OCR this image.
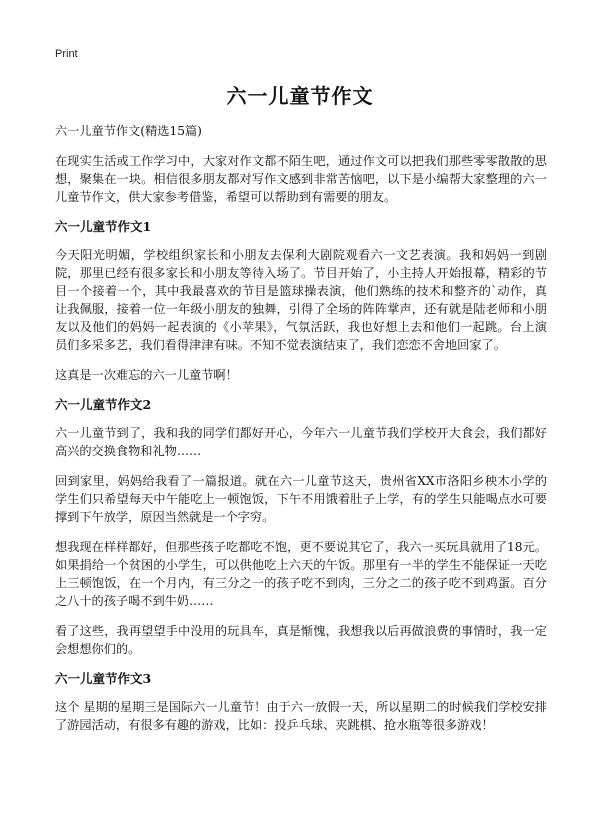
Print
六一儿童节作文

六一儿童节作文(精选15篇)

在现实生活或工作学习中，大家对作文都不陌生吧，通过作文可以把我们那些零零散散的思想，聚集在一块。相信很多朋友都对写作文感到非常苦恼吧，以下是小编帮大家整理的六一儿童节作文，供大家参考借鉴，希望可以帮助到有需要的朋友。

六一儿童节作文1

今天阳光明媚，学校组织家长和小朋友去保利大剧院观看六一文艺表演。我和妈妈一到剧院，那里已经有很多家长和小朋友等待入场了。节目开始了，小主持人开始报幕，精彩的节目一个接着一个，其中我最喜欢的节目是篮球操表演，他们熟练的技术和整齐的`动作，真让我佩服，接着一位一年级小朋友的独舞，引得了全场的阵阵掌声，还有就是陆老师和小朋友以及他们的妈妈一起表演的《小苹果》，气氛活跃，我也好想上去和他们一起跳。台上演员们多采多艺，我们看得津津有味。不知不觉表演结束了，我们恋恋不舍地回家了。

这真是一次难忘的六一儿童节啊！

六一儿童节作文2

六一儿童节到了，我和我的同学们都好开心，今年六一儿童节我们学校开大食会，我们都好高兴的交换食物和礼物……

回到家里，妈妈给我看了一篇报道。就在六一儿童节这天，贵州省XX市洛阳乡秧木小学的学生们只希望每天中午能吃上一顿饱饭，下午不用饿着肚子上学，有的学生只能喝点水可要撑到下午放学，原因当然就是一个字穷。

想我现在样样都好，但那些孩子吃都吃不饱，更不要说其它了，我六一买玩具就用了18元。如果捐给一个贫困的小学生，可以供他吃上六天的午饭。那里有一半的学生不能保证一天吃上三顿饱饭，在一个月内，有三分之一的孩子吃不到肉，三分之二的孩子吃不到鸡蛋。百分之八十的孩子喝不到牛奶……

看了这些，我再望望手中没用的玩具车，真是惭愧，我想我以后再做浪费的事情时，我一定会想想你们的。

六一儿童节作文3

这个 星期的星期三是国际六一儿童节！由于六一放假一天，所以星期二的时候我们学校安排了游园活动，有很多有趣的游戏，比如：投乒乓球、夹跳棋、抢水瓶等很多游戏！
